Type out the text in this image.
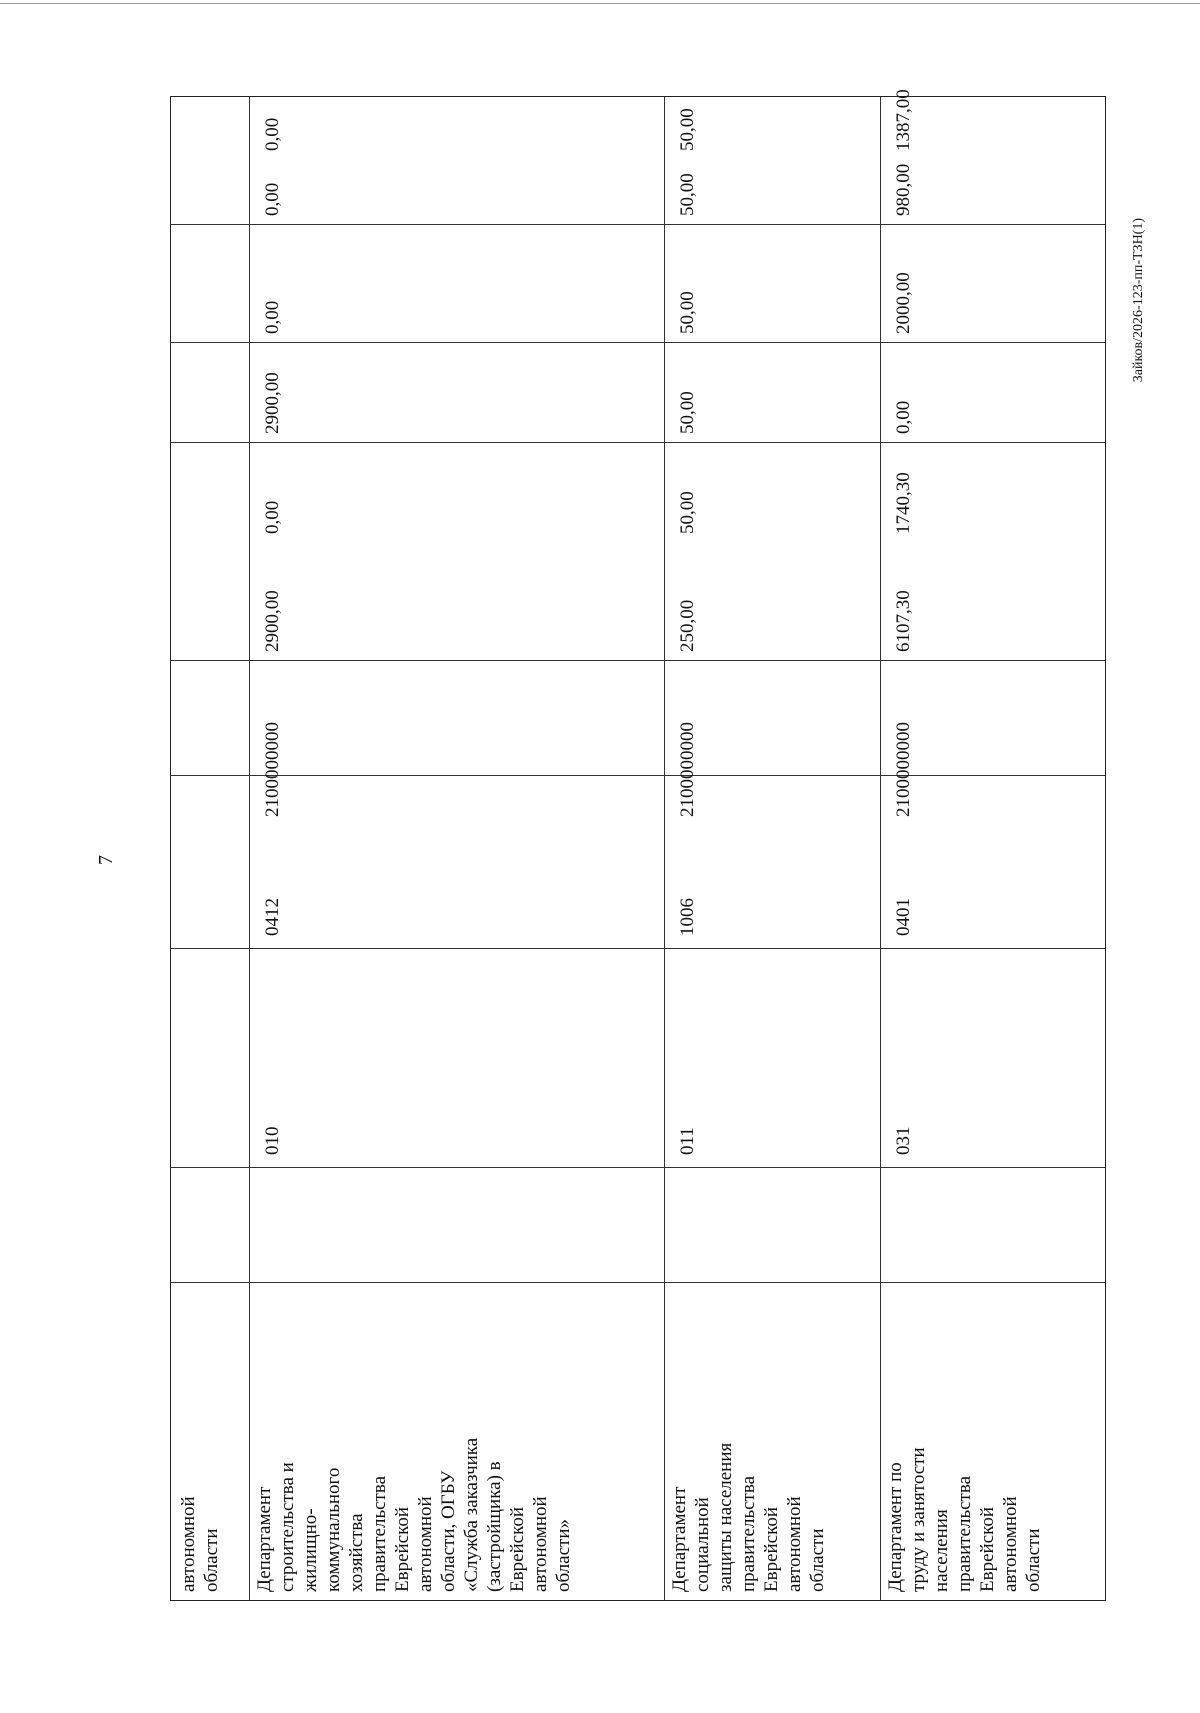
7
Зайков/2026-123-пп-ТЗН(1)
автономной области Департамент строительства и жилищно- коммунального хозяйства правительства Еврейской автономной области, ОГБУ «Служба заказчика (застройщика) в Еврейской автономной области»
010
0412
2100000000
2900,00
0,00
2900,00
0,00
0,00
0,00
Департамент социальной защиты населения правительства Еврейской автономной области
011
1006
2100000000
250,00
50,00
50,00
50,00
50,00
50,00
Департамент по труду и занятости населения правительства Еврейской автономной области
031
0401
2100000000
6107,30
1740,30
0,00
2000,00
980,00
1387,00
